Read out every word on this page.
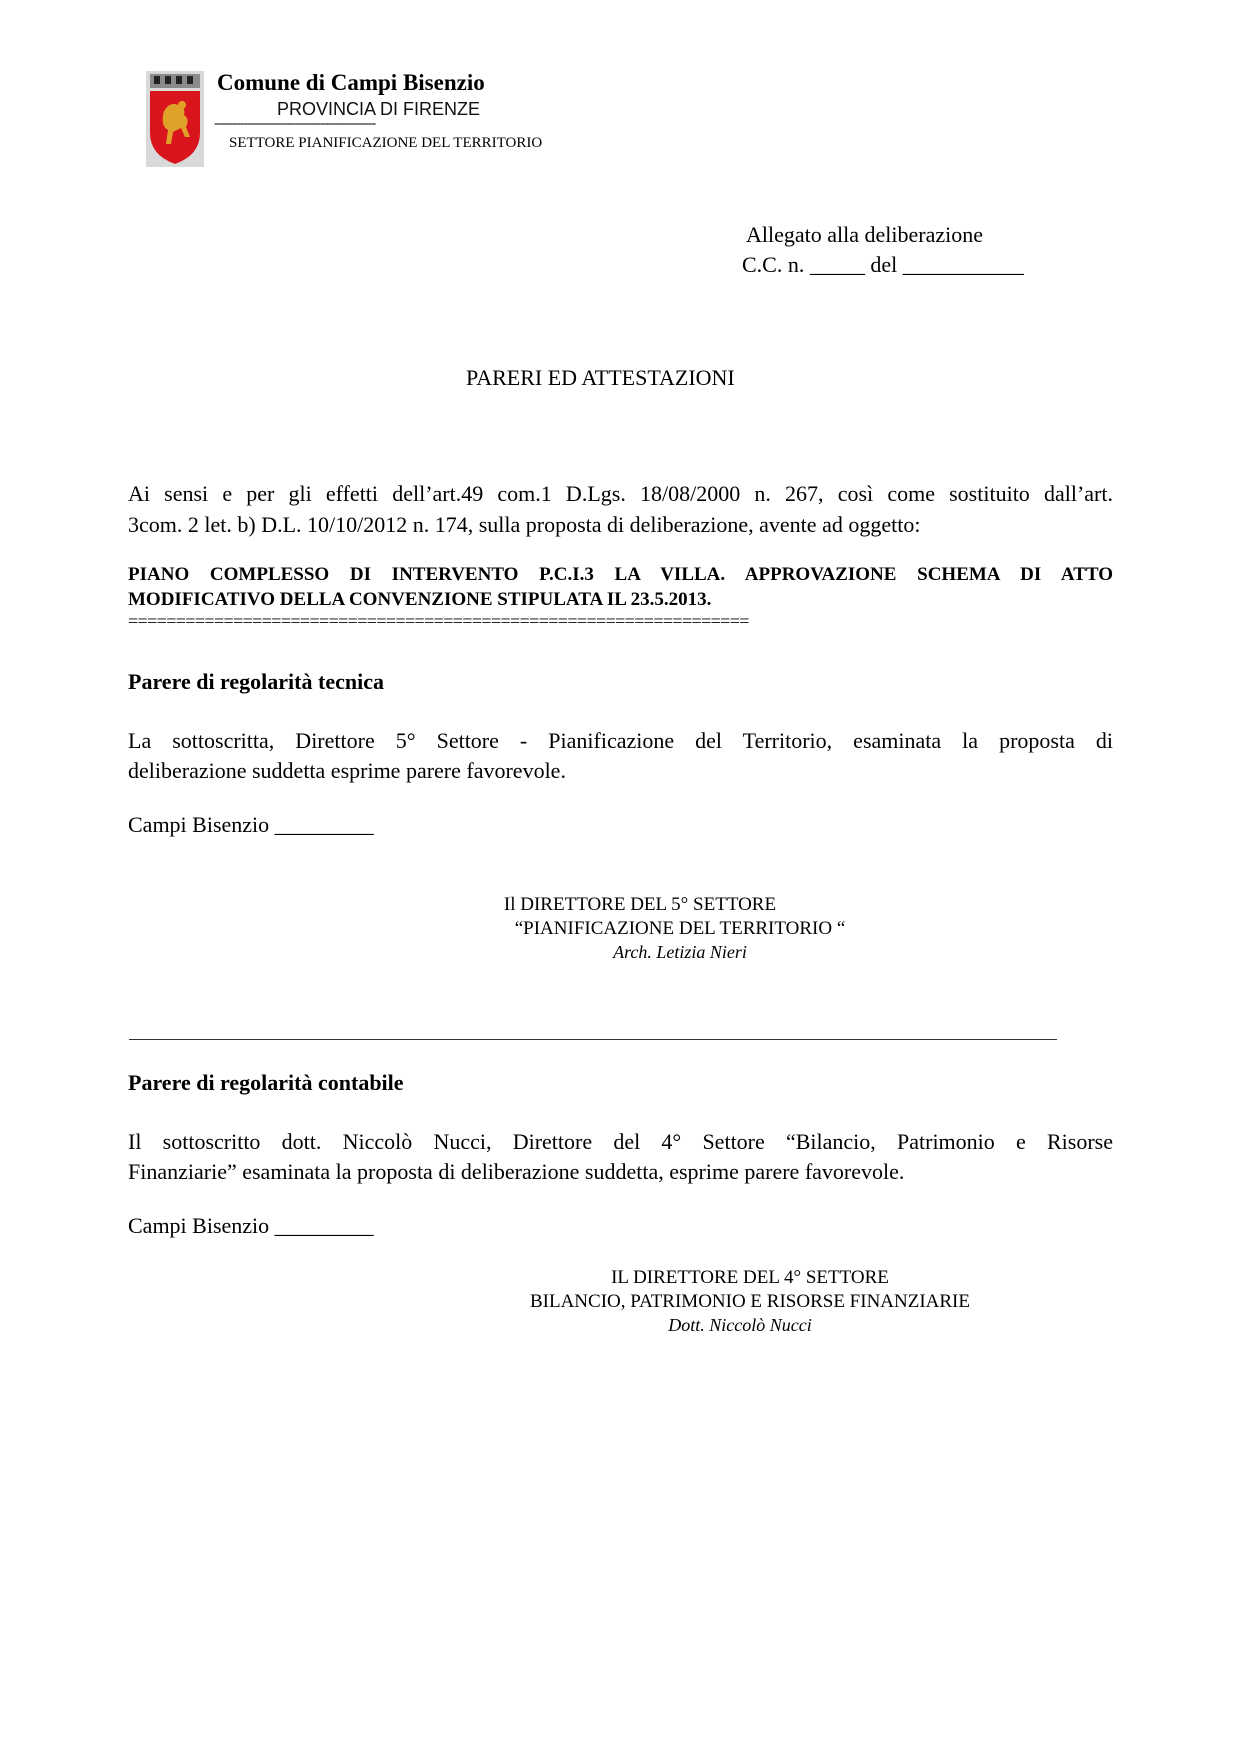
Comune di Campi Bisenzio
PROVINCIA DI FIRENZE
--------------------------------------------
SETTORE PIANIFICAZIONE DEL TERRITORIO
Allegato alla deliberazione
C.C. n. _____ del ___________
PARERI ED ATTESTAZIONI
Ai sensi e per gli effetti dell’art.49 com.1 D.Lgs. 18/08/2000 n. 267, così come sostituito dall’art.
3com. 2 let. b) D.L. 10/10/2012 n. 174, sulla proposta di deliberazione, avente ad oggetto:
PIANO COMPLESSO DI INTERVENTO P.C.I.3 LA VILLA. APPROVAZIONE SCHEMA DI ATTO
MODIFICATIVO DELLA CONVENZIONE STIPULATA IL 23.5.2013.
=================================================================
Parere di regolarità tecnica
La sottoscritta, Direttore 5° Settore - Pianificazione del Territorio, esaminata la proposta di
deliberazione suddetta esprime parere favorevole.
Campi Bisenzio _________
Il DIRETTORE DEL 5° SETTORE
“PIANIFICAZIONE DEL TERRITORIO “
Arch. Letizia Nieri
Parere di regolarità contabile
Il sottoscritto dott. Niccolò Nucci, Direttore del 4° Settore “Bilancio, Patrimonio e Risorse
Finanziarie” esaminata la proposta di deliberazione suddetta, esprime parere favorevole.
Campi Bisenzio _________
IL DIRETTORE DEL 4° SETTORE
BILANCIO, PATRIMONIO E RISORSE FINANZIARIE
Dott. Niccolò Nucci
